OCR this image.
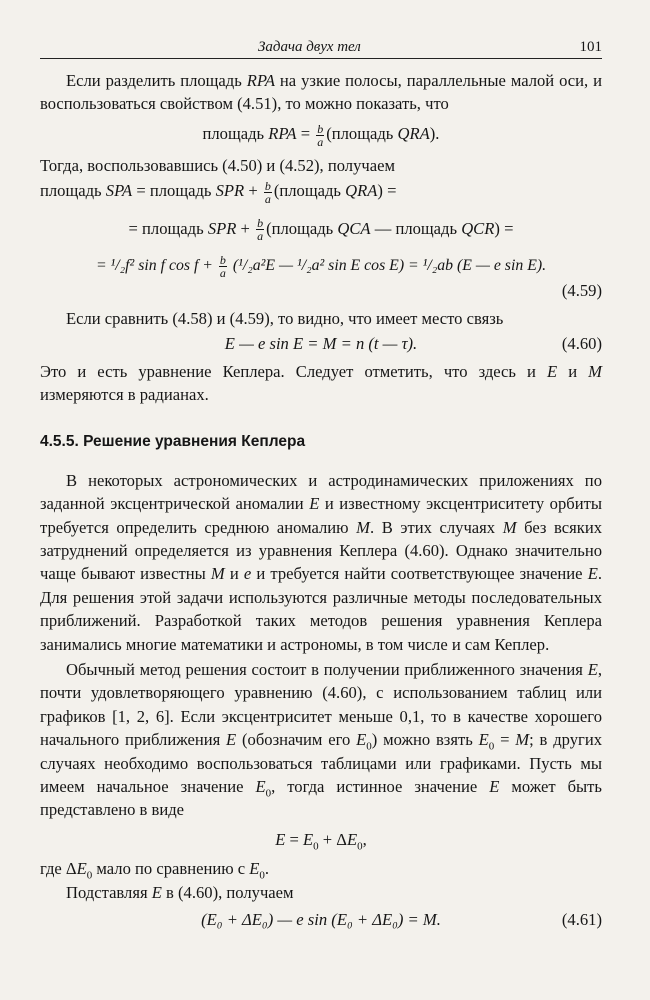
Задача двух тел	101

Если разделить площадь RPA на узкие полосы, параллельные малой оси, и воспользоваться свойством (4.51), то можно показать, что

площадь RPA = $\frac{b}{a}$ (площадь QRA).

Тогда, воспользовавшись (4.50) и (4.52), получаем

площадь SPA = площадь SPR + $\frac{b}{a}$ (площадь QRA) =

= площадь SPR + $\frac{b}{a}$ (площадь QCA — площадь QCR) =
= ¹/₂f² sin f $\cos f + \frac{b}{a} (^1/_2a^2E$ — ¹/₂a² sin E cos E) = ¹/₂ab (E — e sin E).
(4.59)

Если сравнить (4.58) и (4.59), то видно, что имеет место связь

E — e sin E = M = n (t — τ).	(4.60)

Это и есть уравнение Кеплера. Следует отметить, что здесь и E и M измеряются в радианах.

4.5.5. Решение уравнения Кеплера

В некоторых астрономических и астродинамических приложениях по заданной эксцентрической аномалии E и известному эксцентриситету орбиты требуется определить среднюю аномалию M. В этих случаях M без всяких затруднений определяется из уравнения Кеплера (4.60). Однако значительно чаще бывают известны M и e и требуется найти соответствующее значение E. Для решения этой задачи используются различные методы последовательных приближений. Разработкой таких методов решения уравнения Кеплера занимались многие математики и астрономы, в том числе и сам Кеплер.

Обычный метод решения состоит в получении приближенного значения E, почти удовлетворяющего уравнению (4.60), с использованием таблиц или графиков [1, 2, 6]. Если эксцентриситет меньше 0,1, то в качестве хорошего начального приближения E (обозначим его $E_0$) можно взять $E_0 = M$; в других случаях необходимо воспользоваться таблицами или графиками. Пусть мы имеем начальное значение $E_0$, тогда истинное значение E может быть представлено в виде

$E = E_0 + \Delta E_0$,

где $\Delta E_0$ мало по сравнению с $E_0$.

Подставляя E в (4.60), получаем

(E₀ + ΔE₀) — e sin (E₀ + ΔE₀) = M.	(4.61)
